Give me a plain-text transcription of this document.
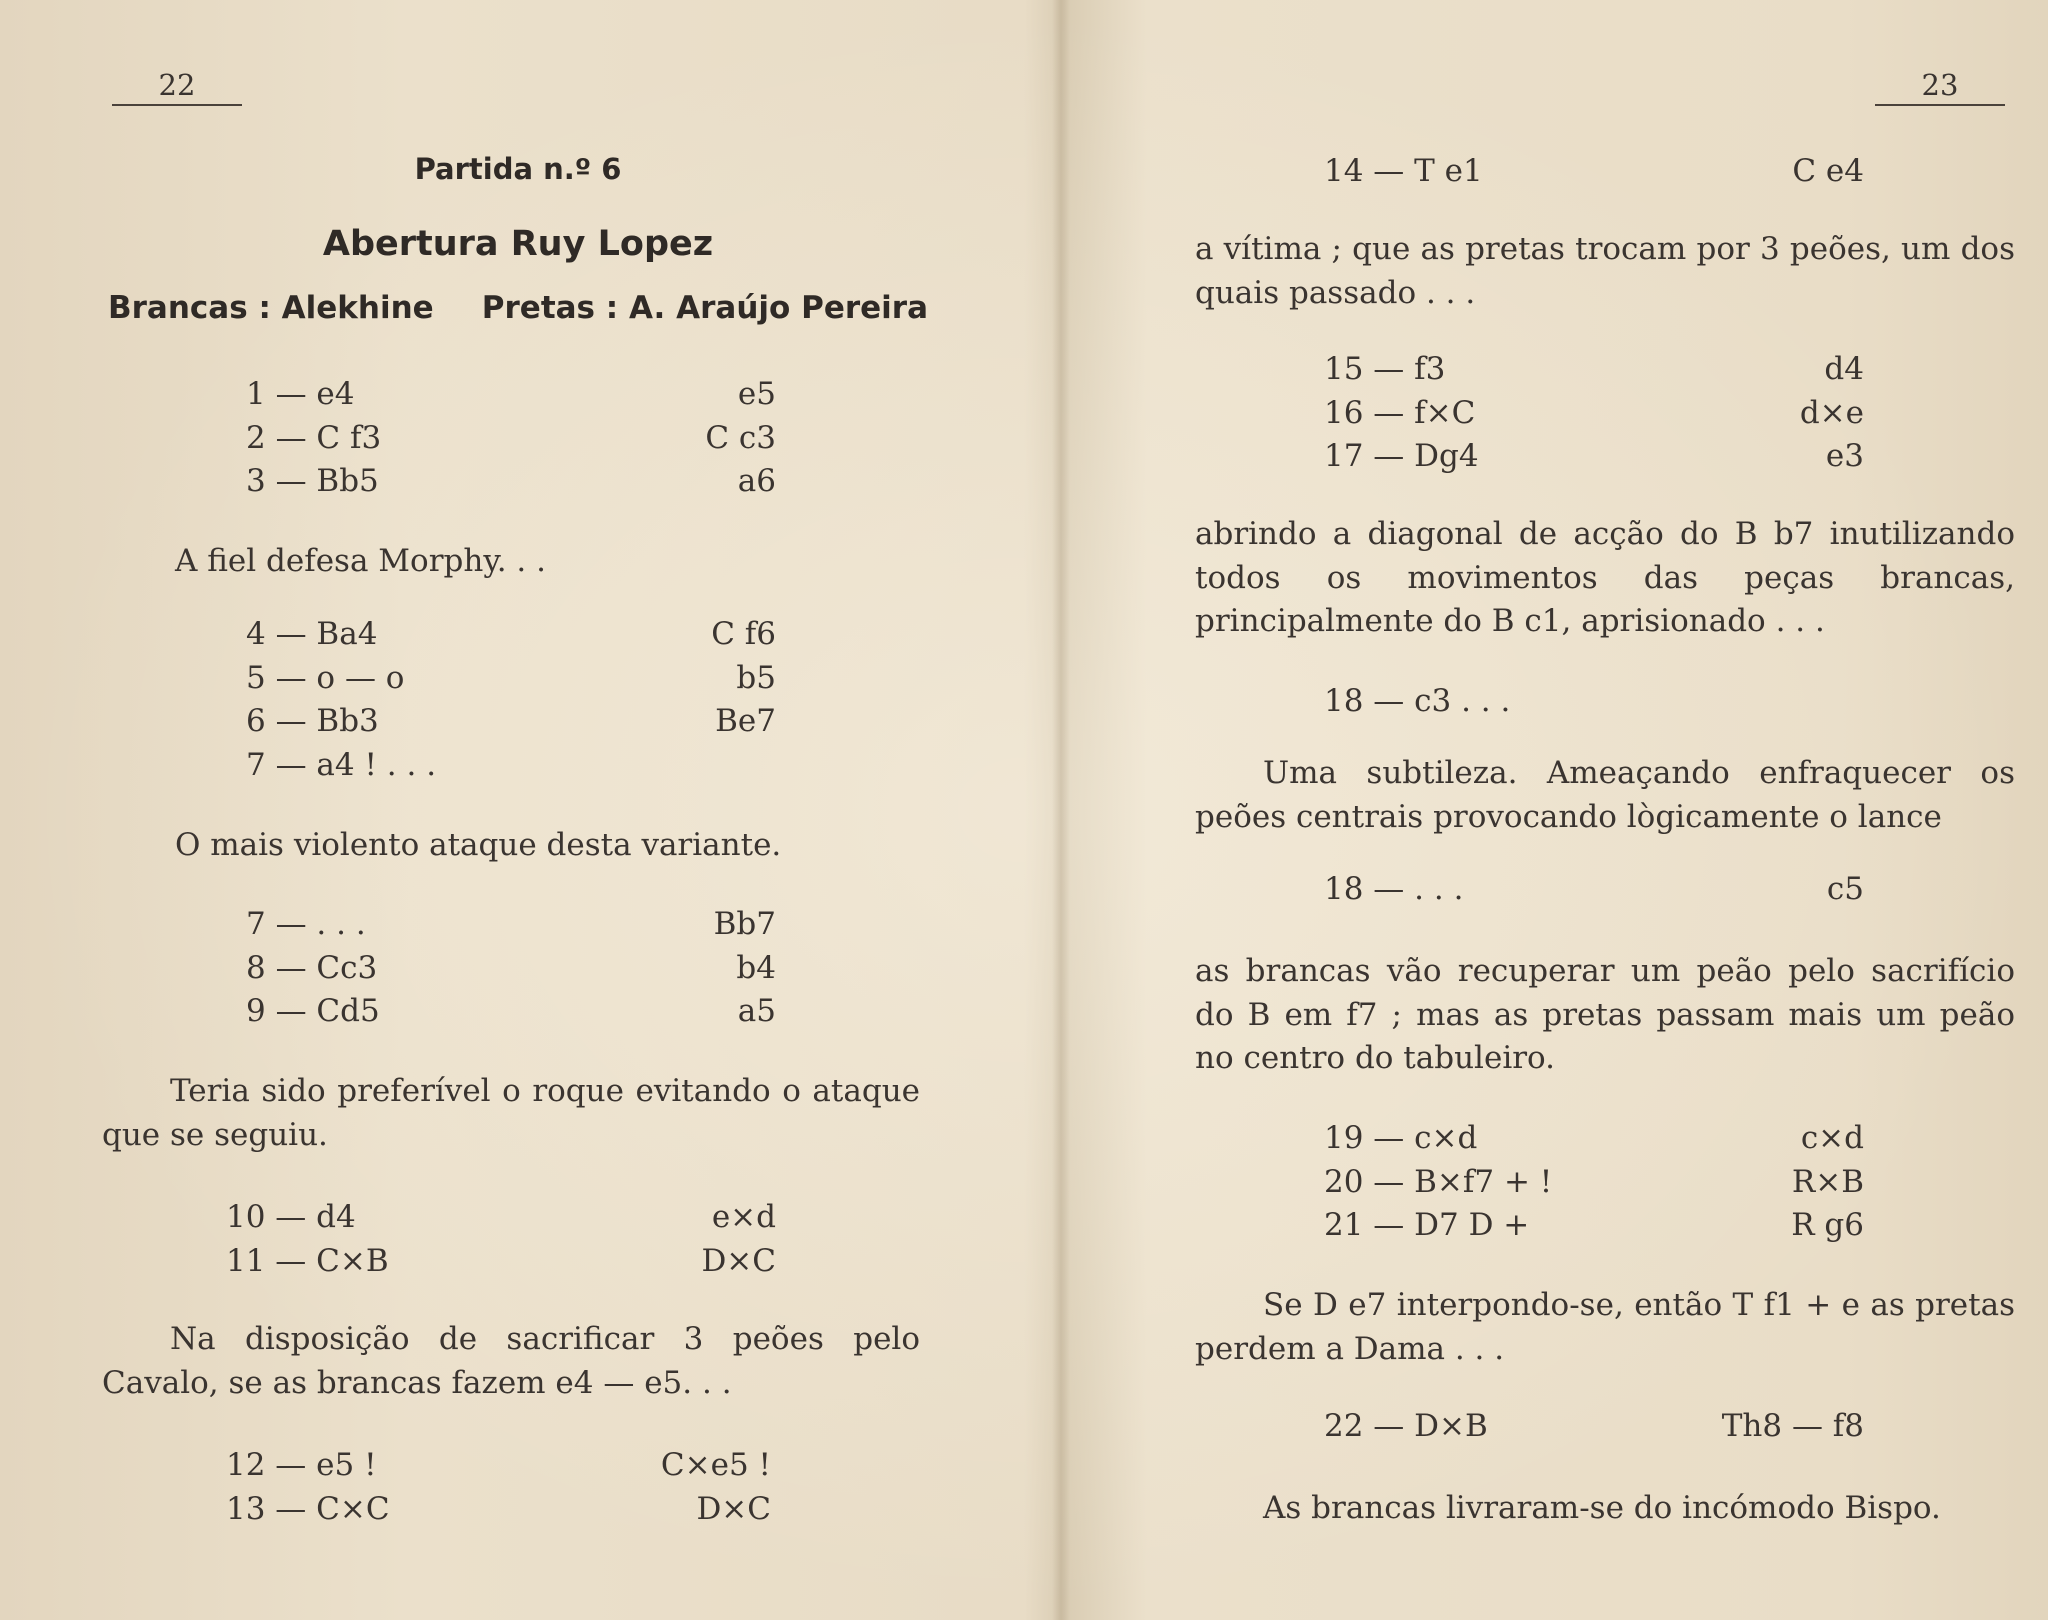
22
Partida n.º 6
Abertura Ruy Lopez
Brancas : Alekhine Pretas : A. Araújo Pereira
1 — e4	e5
2 — C f3	C c3
3 — Bb5	a6
A fiel defesa Morphy. . .
4 — Ba4	C f6
5 — o — o	b5
6 — Bb3	Be7
7 — a4 ! . . .
O mais violento ataque desta variante.
7 — . . .	Bb7
8 — Cc3	b4
9 — Cd5	a5
Teria sido preferível o roque evitando o ataque que se seguiu.
10 — d4	e×d
11 — C×B	D×C
Na disposição de sacrificar 3 peões pelo Cavalo, se as brancas fazem e4 — e5. . .
12 — e5 !	C×e5 !
13 — C×C	D×C
23
14 — T e1	C e4
a vítima ; que as pretas trocam por 3 peões, um dos quais passado . . .
15 — f3	d4
16 — f×C	d×e
17 — Dg4	e3
abrindo a diagonal de acção do B b7 inutilizando todos os movimentos das peças brancas, principalmente do B c1, aprisionado . . .
18 — c3 . . .
Uma subtileza. Ameaçando enfraquecer os peões centrais provocando lògicamente o lance
18 — . . .	c5
as brancas vão recuperar um peão pelo sacrifício do B em f7 ; mas as pretas passam mais um peão no centro do tabuleiro.
19 — c×d	c×d
20 — B×f7 + !	R×B
21 — D7 D +	R g6
Se D e7 interpondo-se, então T f1 + e as pretas perdem a Dama . . .
22 — D×B	Th8 — f8
As brancas livraram-se do incómodo Bispo.
